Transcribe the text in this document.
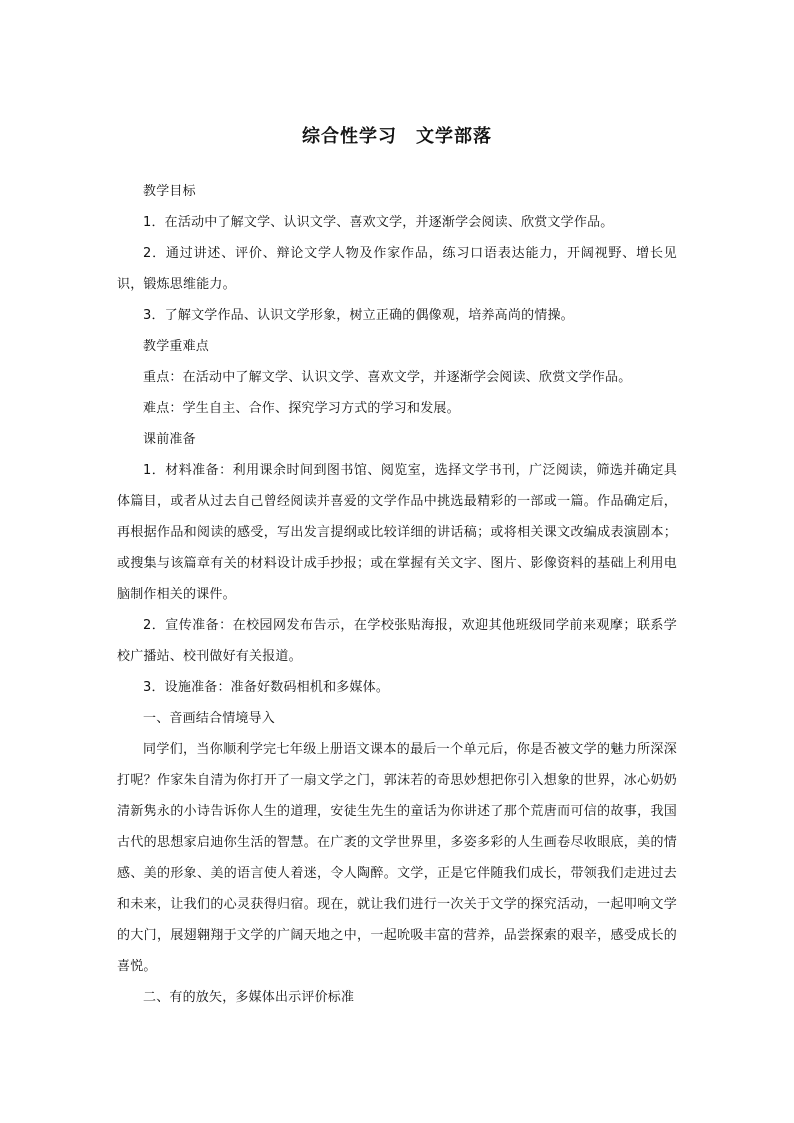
综合性学习　文学部落

教学目标

1．在活动中了解文学、认识文学、喜欢文学，并逐渐学会阅读、欣赏文学作品。

2．通过讲述、评价、辩论文学人物及作家作品，练习口语表达能力，开阔视野、增长见识，锻炼思维能力。

3．了解文学作品、认识文学形象，树立正确的偶像观，培养高尚的情操。

教学重难点

重点：在活动中了解文学、认识文学、喜欢文学，并逐渐学会阅读、欣赏文学作品。

难点：学生自主、合作、探究学习方式的学习和发展。

课前准备

1．材料准备：利用课余时间到图书馆、阅览室，选择文学书刊，广泛阅读，筛选并确定具体篇目，或者从过去自己曾经阅读并喜爱的文学作品中挑选最精彩的一部或一篇。作品确定后，再根据作品和阅读的感受，写出发言提纲或比较详细的讲话稿；或将相关课文改编成表演剧本；或搜集与该篇章有关的材料设计成手抄报；或在掌握有关文字、图片、影像资料的基础上利用电脑制作相关的课件。

2．宣传准备：在校园网发布告示，在学校张贴海报，欢迎其他班级同学前来观摩；联系学校广播站、校刊做好有关报道。

3．设施准备：准备好数码相机和多媒体。

一、音画结合情境导入

同学们，当你顺利学完七年级上册语文课本的最后一个单元后，你是否被文学的魅力所深深打呢？作家朱自清为你打开了一扇文学之门，郭沫若的奇思妙想把你引入想象的世界，冰心奶奶清新隽永的小诗告诉你人生的道理，安徒生先生的童话为你讲述了那个荒唐而可信的故事，我国古代的思想家启迪你生活的智慧。在广袤的文学世界里，多姿多彩的人生画卷尽收眼底，美的情感、美的形象、美的语言使人着迷，令人陶醉。文学，正是它伴随我们成长，带领我们走进过去和未来，让我们的心灵获得归宿。现在，就让我们进行一次关于文学的探究活动，一起叩响文学的大门，展翅翱翔于文学的广阔天地之中，一起吮吸丰富的营养，品尝探索的艰辛，感受成长的喜悦。

二、有的放矢，多媒体出示评价标准
